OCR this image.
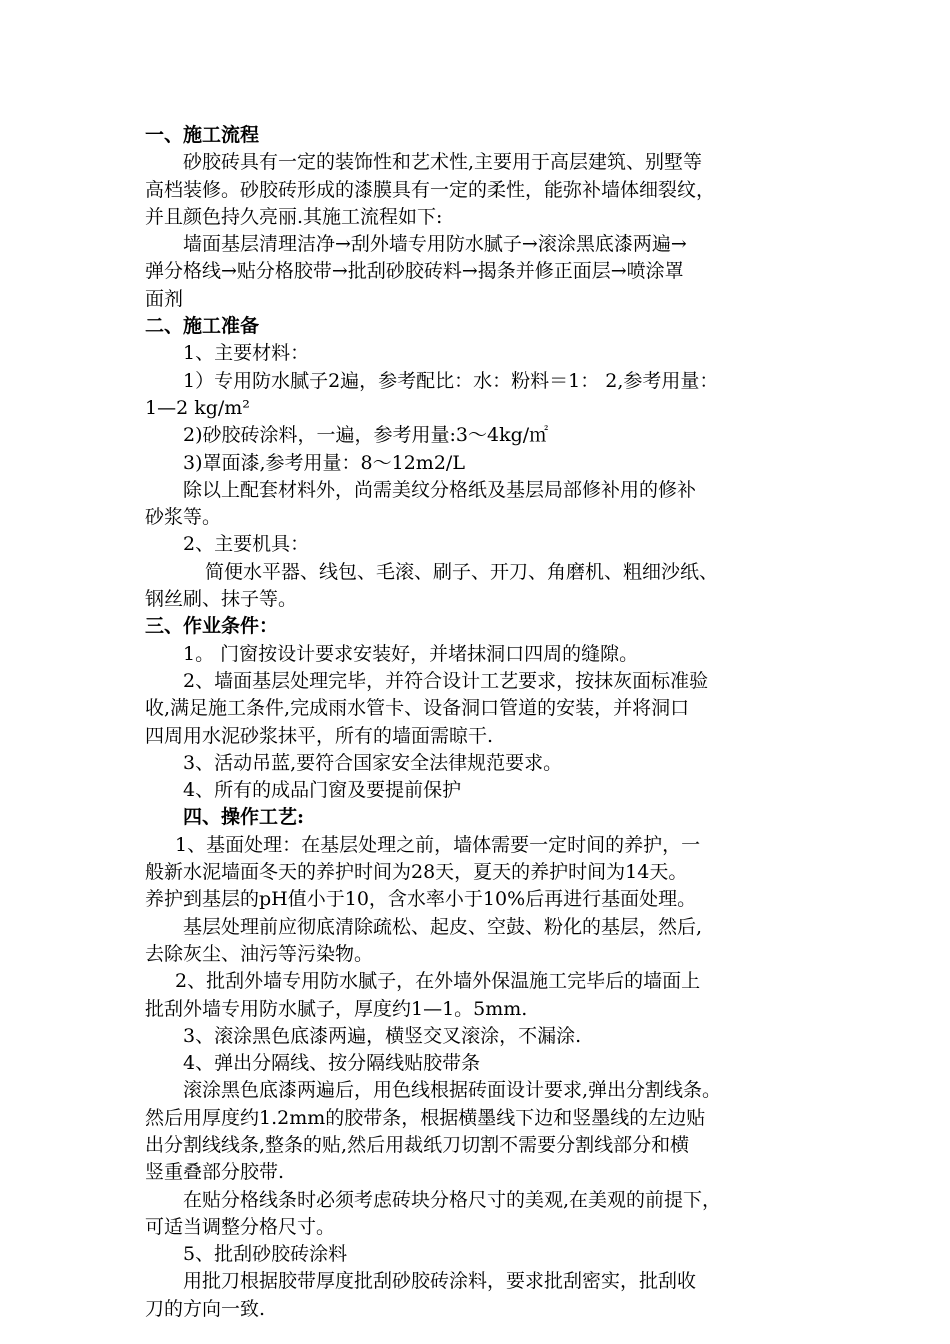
一、施工流程
砂胶砖具有一定的装饰性和艺术性,主要用于高层建筑、别墅等
高档装修。砂胶砖形成的漆膜具有一定的柔性，能弥补墙体细裂纹，
并且颜色持久亮丽.其施工流程如下:
墙面基层清理洁净→刮外墙专用防水腻子→滚涂黑底漆两遍→
弹分格线→贴分格胶带→批刮砂胶砖料→揭条并修正面层→喷涂罩
面剂
二、施工准备
1、主要材料：
1）专用防水腻子2遍，参考配比：水：粉料＝1： 2,参考用量：
1—2 kg/m²
2)砂胶砖涂料，一遍，参考用量:3～4kg/㎡
3)罩面漆,参考用量：8～12m2/L
除以上配套材料外，尚需美纹分格纸及基层局部修补用的修补
砂浆等。
2、主要机具：
简便水平器、线包、毛滚、刷子、开刀、角磨机、粗细沙纸、
钢丝刷、抹子等。
三、作业条件：
1。 门窗按设计要求安装好，并堵抹洞口四周的缝隙。
2、墙面基层处理完毕，并符合设计工艺要求，按抹灰面标准验
收,满足施工条件,完成雨水管卡、设备洞口管道的安装，并将洞口
四周用水泥砂浆抹平，所有的墙面需晾干.
3、活动吊蓝,要符合国家安全法律规范要求。
4、所有的成品门窗及要提前保护
四、操作工艺:
1、基面处理：在基层处理之前，墙体需要一定时间的养护，一
般新水泥墙面冬天的养护时间为28天，夏天的养护时间为14天。
养护到基层的pH值小于10，含水率小于10%后再进行基面处理。
基层处理前应彻底清除疏松、起皮、空鼓、粉化的基层，然后,
去除灰尘、油污等污染物。
2、批刮外墙专用防水腻子，在外墙外保温施工完毕后的墙面上
批刮外墙专用防水腻子，厚度约1—1。5mm.
3、滚涂黑色底漆两遍，横竖交叉滚涂，不漏涂.
4、弹出分隔线、按分隔线贴胶带条
滚涂黑色底漆两遍后，用色线根据砖面设计要求,弹出分割线条。
然后用厚度约1.2mm的胶带条，根据横墨线下边和竖墨线的左边贴
出分割线线条,整条的贴,然后用裁纸刀切割不需要分割线部分和横
竖重叠部分胶带.
在贴分格线条时必须考虑砖块分格尺寸的美观,在美观的前提下，
可适当调整分格尺寸。
5、批刮砂胶砖涂料
用批刀根据胶带厚度批刮砂胶砖涂料，要求批刮密实，批刮收
刀的方向一致.
